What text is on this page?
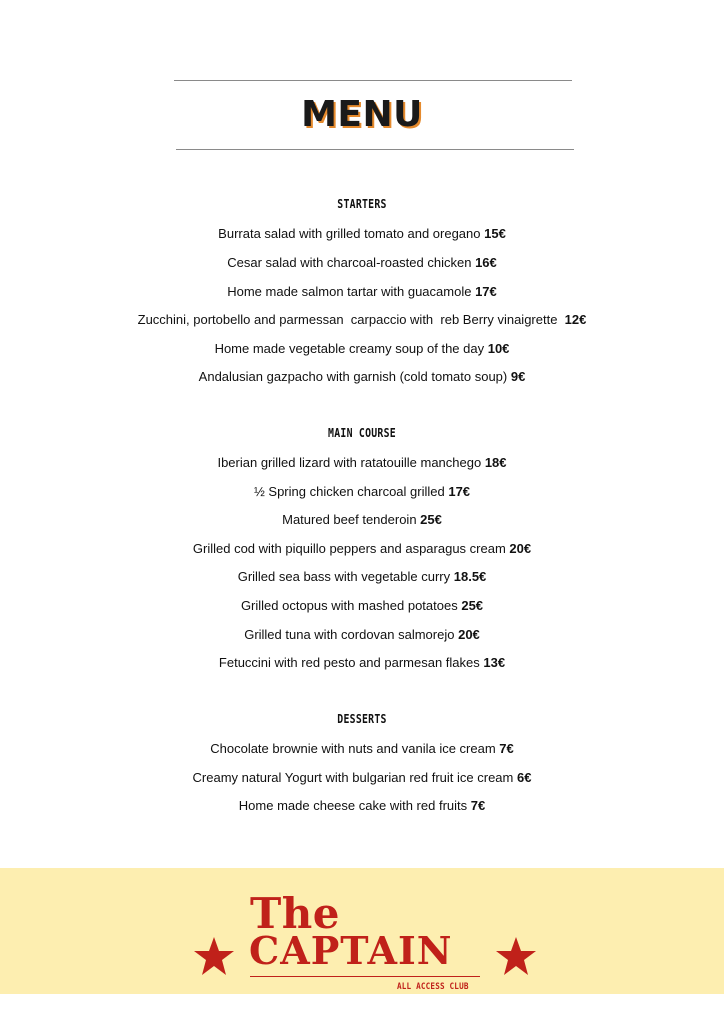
MENU
STARTERS
Burrata salad with grilled tomato and oregano 15€
Cesar salad with charcoal-roasted chicken 16€
Home made salmon tartar with guacamole 17€
Zucchini, portobello and parmessan  carpaccio with  reb Berry vinaigrette  12€
Home made vegetable creamy soup of the day 10€
Andalusian gazpacho with garnish (cold tomato soup) 9€
MAIN COURSE
Iberian grilled lizard with ratatouille manchego 18€
½ Spring chicken charcoal grilled 17€
Matured beef tenderoin 25€
Grilled cod with piquillo peppers and asparagus cream 20€
Grilled sea bass with vegetable curry 18.5€
Grilled octopus with mashed potatoes 25€
Grilled tuna with cordovan salmorejo 20€
Fetuccini with red pesto and parmesan flakes 13€
DESSERTS
Chocolate brownie with nuts and vanila ice cream 7€
Creamy natural Yogurt with bulgarian red fruit ice cream 6€
Home made cheese cake with red fruits 7€
The
CAPTAIN
ALL ACCESS CLUB
